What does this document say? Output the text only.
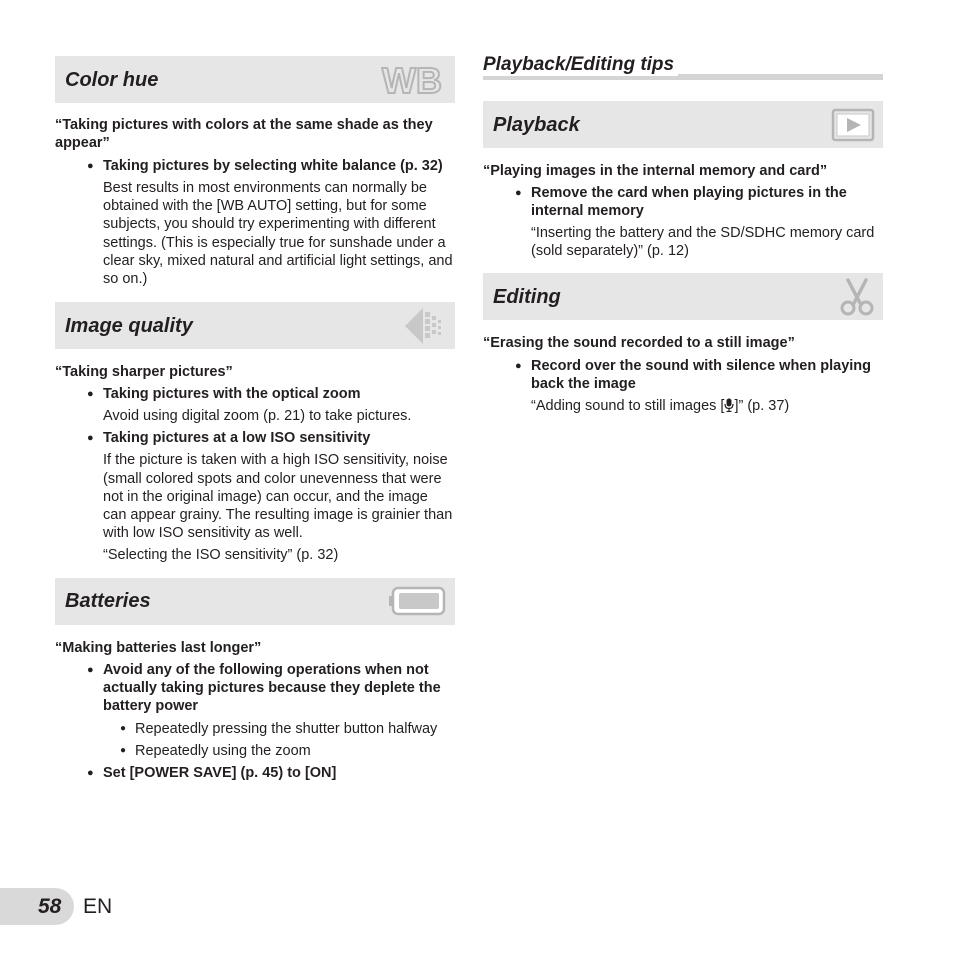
Color hue	WB
“Taking pictures with colors at the same shade as they appear”
● Taking pictures by selecting white balance (p. 32)
Best results in most environments can normally be obtained with the [WB AUTO] setting, but for some subjects, you should try experimenting with different settings. (This is especially true for sunshade under a clear sky, mixed natural and artificial light settings, and so on.)
Image quality
“Taking sharper pictures”
● Taking pictures with the optical zoom
Avoid using digital zoom (p. 21) to take pictures.
● Taking pictures at a low ISO sensitivity
If the picture is taken with a high ISO sensitivity, noise (small colored spots and color unevenness that were not in the original image) can occur, and the image can appear grainy. The resulting image is grainier than with low ISO sensitivity as well.
“Selecting the ISO sensitivity” (p. 32)
Batteries
“Making batteries last longer”
● Avoid any of the following operations when not actually taking pictures because they deplete the battery power
● Repeatedly pressing the shutter button halfway
● Repeatedly using the zoom
● Set [POWER SAVE] (p. 45) to [ON]
Playback/Editing tips
Playback
“Playing images in the internal memory and card”
● Remove the card when playing pictures in the internal memory
“Inserting the battery and the SD/SDHC memory card (sold separately)” (p. 12)
Editing
“Erasing the sound recorded to a still image”
● Record over the sound with silence when playing back the image
“Adding sound to still images [ ]” (p. 37)
58 EN
